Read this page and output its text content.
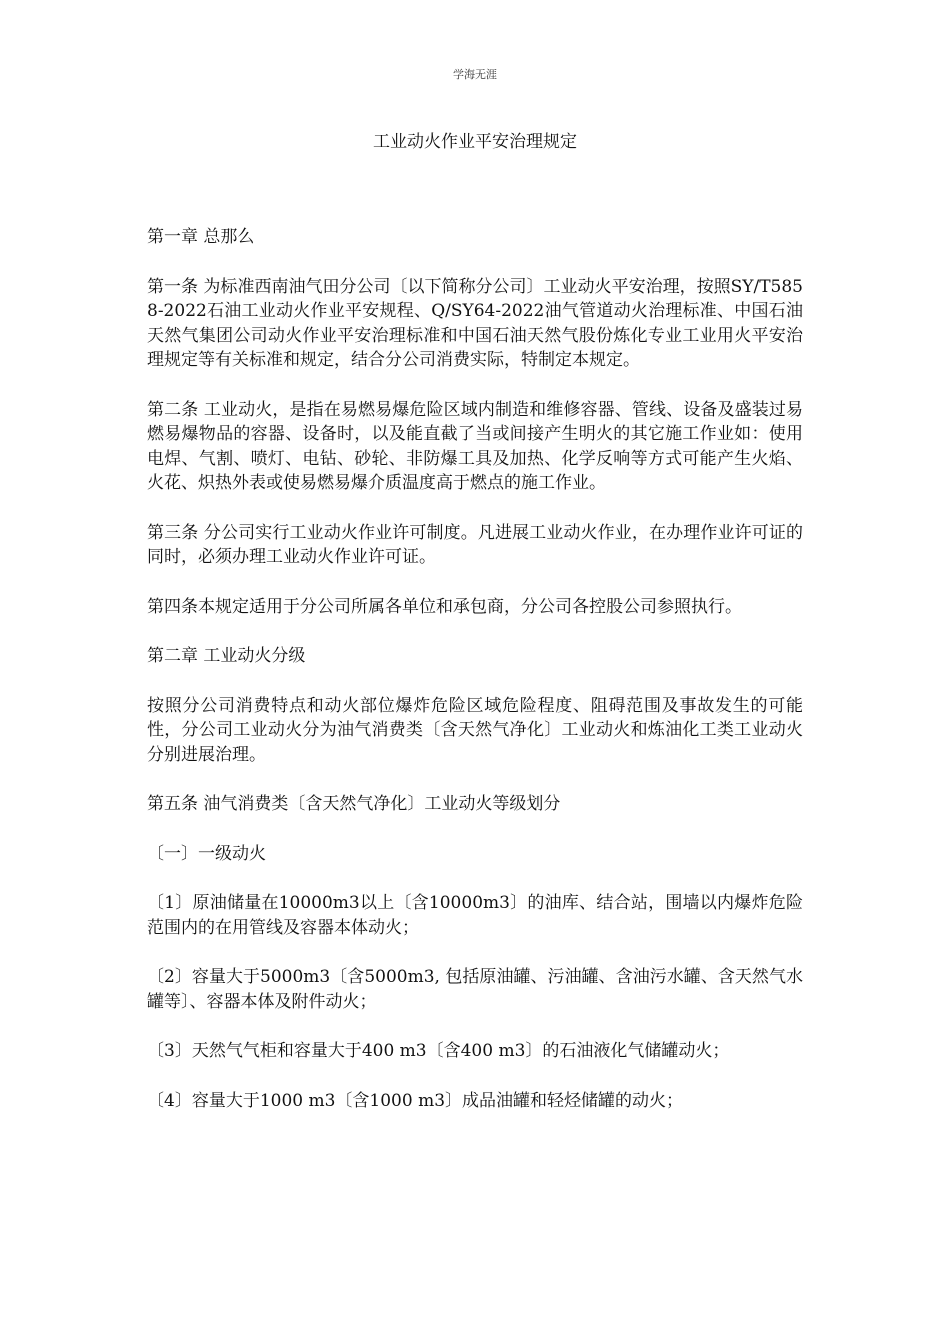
学海无涯
工业动火作业平安治理规定

第一章 总那么

第一条 为标准西南油气田分公司〔以下简称分公司〕工业动火平安治理，按照SY/T5858-2022石油工业动火作业平安规程、Q/SY64-2022油气管道动火治理标准、中国石油天然气集团公司动火作业平安治理标准和中国石油天然气股份炼化专业工业用火平安治理规定等有关标准和规定，结合分公司消费实际，特制定本规定。

第二条 工业动火，是指在易燃易爆危险区域内制造和维修容器、管线、设备及盛装过易燃易爆物品的容器、设备时，以及能直截了当或间接产生明火的其它施工作业如：使用电焊、气割、喷灯、电钻、砂轮、非防爆工具及加热、化学反响等方式可能产生火焰、火花、炽热外表或使易燃易爆介质温度高于燃点的施工作业。

第三条 分公司实行工业动火作业许可制度。凡进展工业动火作业，在办理作业许可证的同时，必须办理工业动火作业许可证。

第四条本规定适用于分公司所属各单位和承包商，分公司各控股公司参照执行。

第二章 工业动火分级

按照分公司消费特点和动火部位爆炸危险区域危险程度、阻碍范围及事故发生的可能性，分公司工业动火分为油气消费类〔含天然气净化〕工业动火和炼油化工类工业动火分别进展治理。

第五条 油气消费类〔含天然气净化〕工业动火等级划分

〔一〕一级动火

〔1〕原油储量在10000m3以上〔含10000m3〕的油库、结合站，围墙以内爆炸危险范围内的在用管线及容器本体动火；

〔2〕容量大于5000m3〔含5000m3, 包括原油罐、污油罐、含油污水罐、含天然气水罐等〕、容器本体及附件动火；

〔3〕天然气气柜和容量大于400 m3〔含400 m3〕的石油液化气储罐动火；

〔4〕容量大于1000 m3〔含1000 m3〕成品油罐和轻烃储罐的动火；
